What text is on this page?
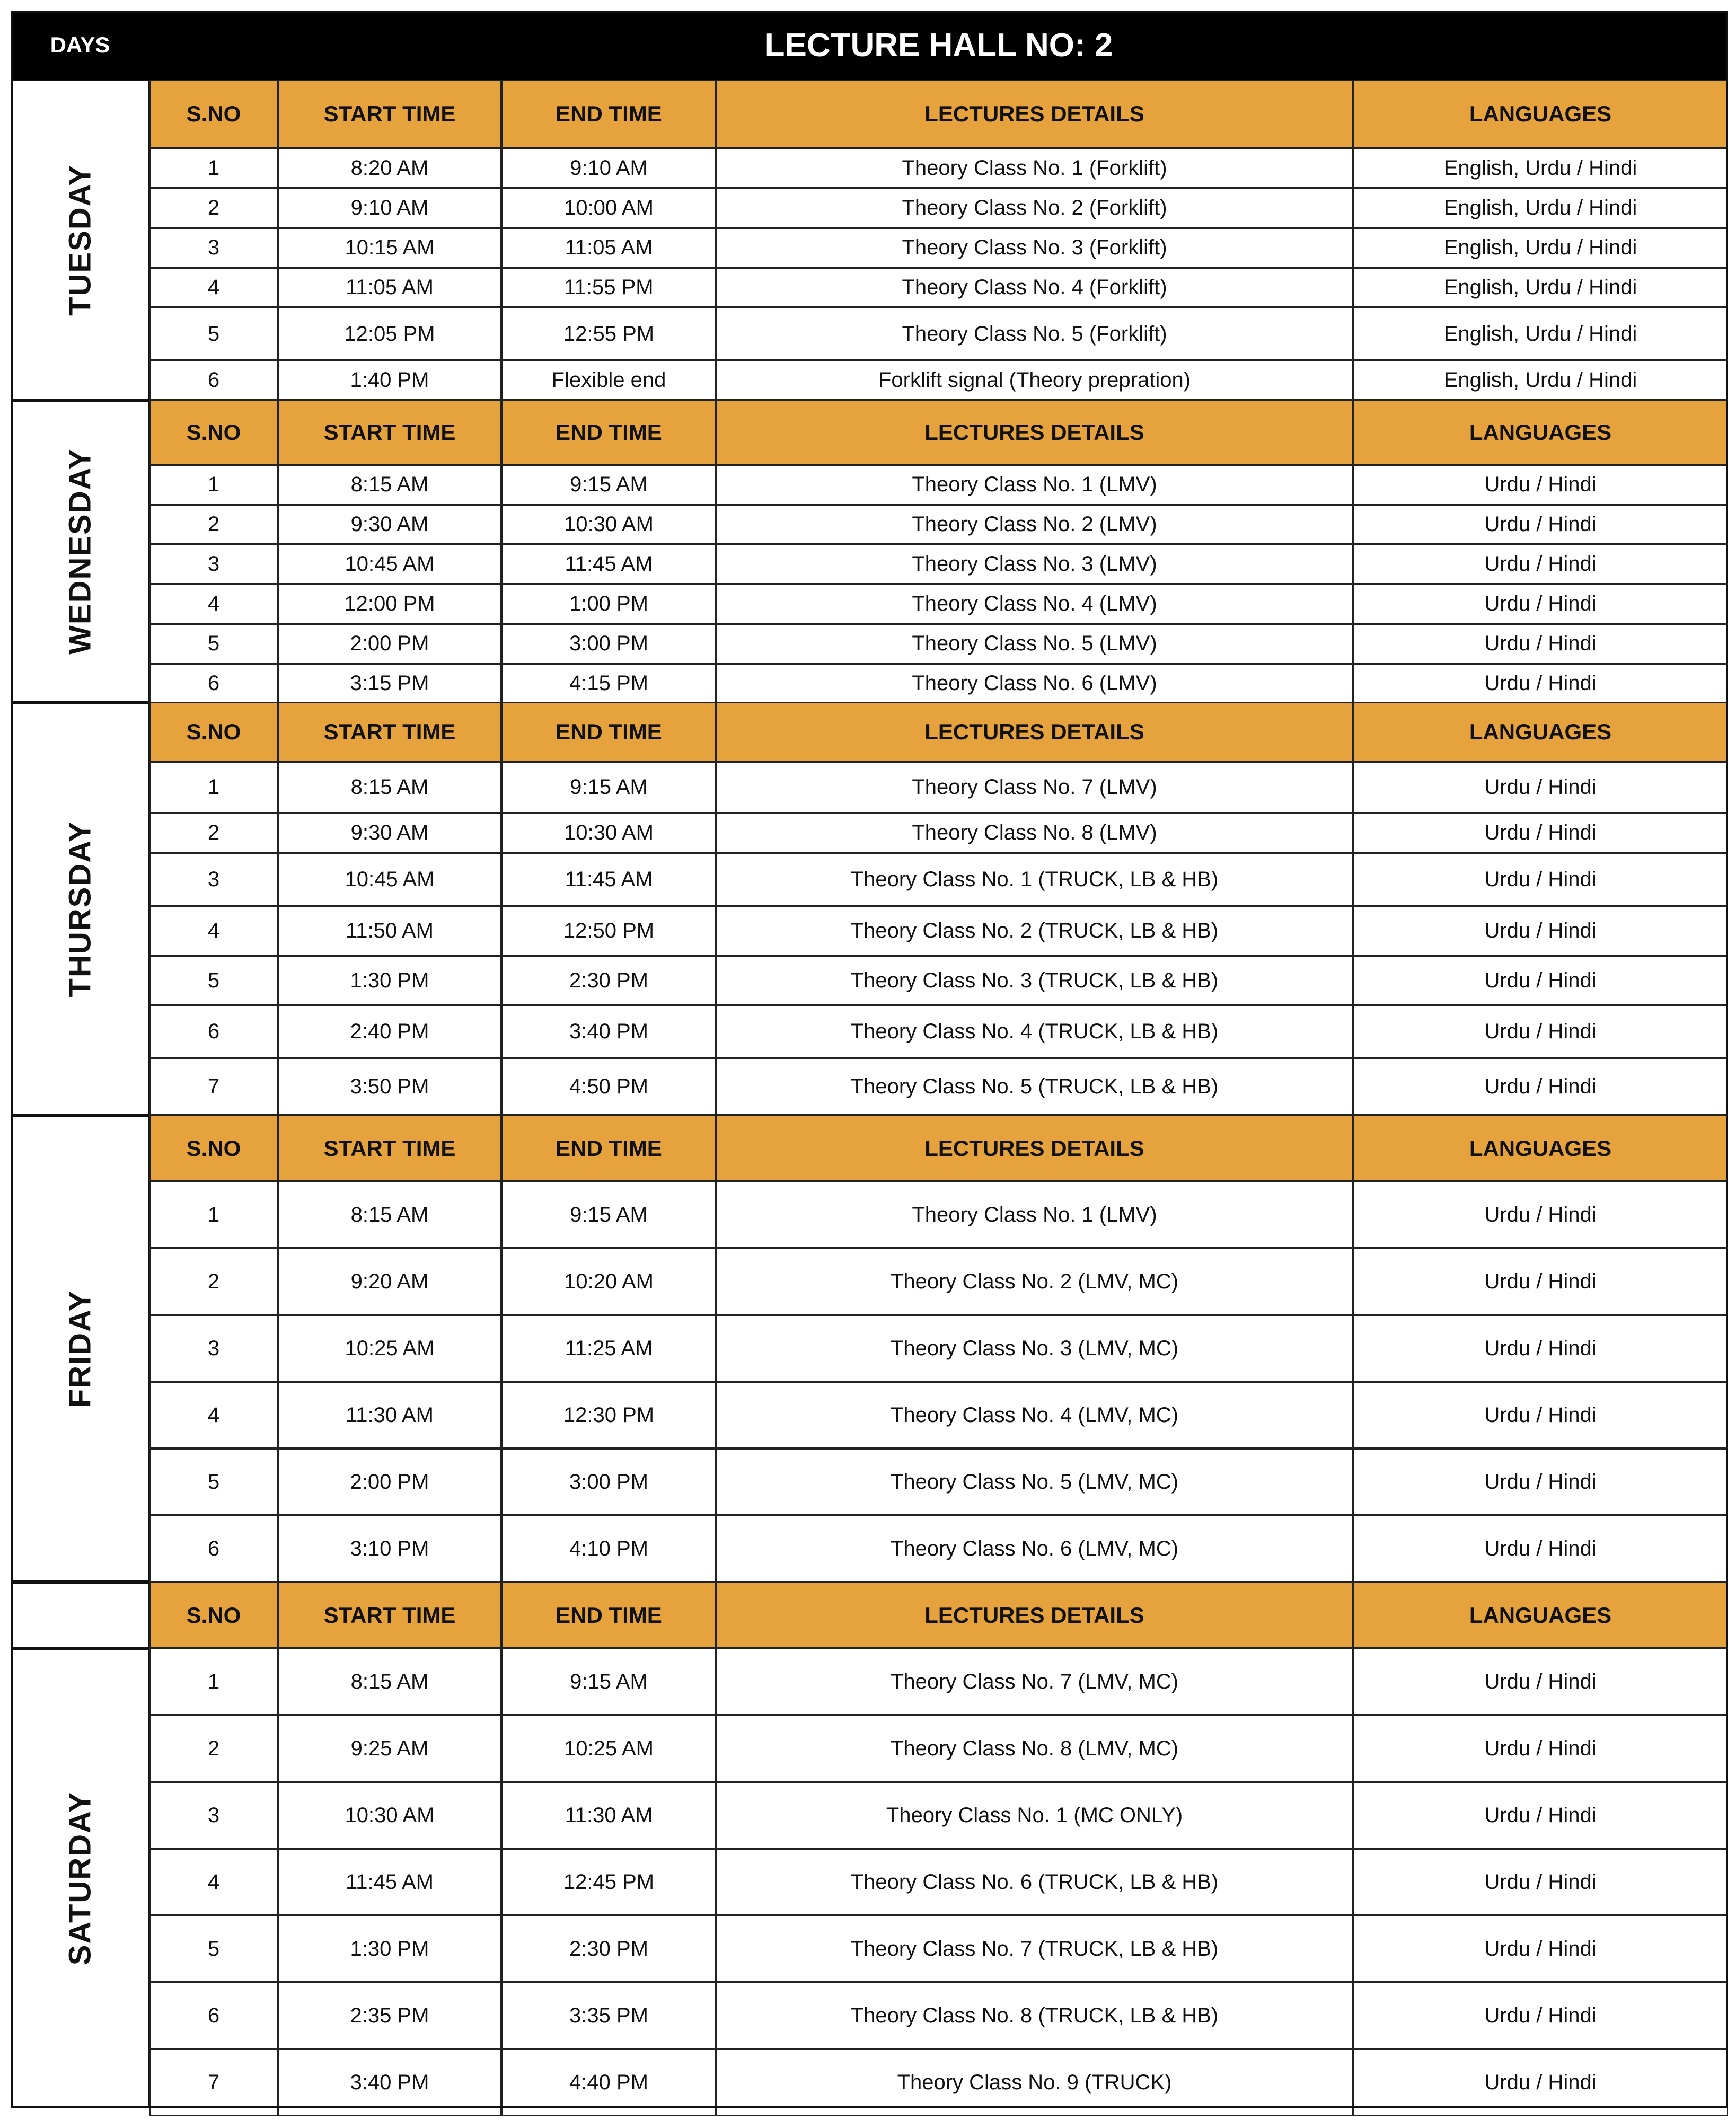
DAYS	LECTURE HALL NO: 2
TUESDAY
S.NO	START TIME	END TIME	LECTURES DETAILS	LANGUAGES
1	8:20 AM	9:10 AM	Theory Class No. 1 (Forklift)	English, Urdu / Hindi
2	9:10 AM	10:00 AM	Theory Class No. 2 (Forklift)	English, Urdu / Hindi
3	10:15 AM	11:05 AM	Theory Class No. 3 (Forklift)	English, Urdu / Hindi
4	11:05 AM	11:55 PM	Theory Class No. 4 (Forklift)	English, Urdu / Hindi
5	12:05 PM	12:55 PM	Theory Class No. 5 (Forklift)	English, Urdu / Hindi
6	1:40 PM	Flexible end	Forklift signal (Theory prepration)	English, Urdu / Hindi
WEDNESDAY
S.NO	START TIME	END TIME	LECTURES DETAILS	LANGUAGES
1	8:15 AM	9:15 AM	Theory Class No. 1 (LMV)	Urdu / Hindi
2	9:30 AM	10:30 AM	Theory Class No. 2 (LMV)	Urdu / Hindi
3	10:45 AM	11:45 AM	Theory Class No. 3 (LMV)	Urdu / Hindi
4	12:00 PM	1:00 PM	Theory Class No. 4 (LMV)	Urdu / Hindi
5	2:00 PM	3:00 PM	Theory Class No. 5 (LMV)	Urdu / Hindi
6	3:15 PM	4:15 PM	Theory Class No. 6 (LMV)	Urdu / Hindi
THURSDAY
S.NO	START TIME	END TIME	LECTURES DETAILS	LANGUAGES
1	8:15 AM	9:15 AM	Theory Class No. 7 (LMV)	Urdu / Hindi
2	9:30 AM	10:30 AM	Theory Class No. 8 (LMV)	Urdu / Hindi
3	10:45 AM	11:45 AM	Theory Class No. 1 (TRUCK, LB & HB)	Urdu / Hindi
4	11:50 AM	12:50 PM	Theory Class No. 2 (TRUCK, LB & HB)	Urdu / Hindi
5	1:30 PM	2:30 PM	Theory Class No. 3 (TRUCK, LB & HB)	Urdu / Hindi
6	2:40 PM	3:40 PM	Theory Class No. 4 (TRUCK, LB & HB)	Urdu / Hindi
7	3:50 PM	4:50 PM	Theory Class No. 5 (TRUCK, LB & HB)	Urdu / Hindi
FRIDAY
S.NO	START TIME	END TIME	LECTURES DETAILS	LANGUAGES
1	8:15 AM	9:15 AM	Theory Class No. 1 (LMV)	Urdu / Hindi
2	9:20 AM	10:20 AM	Theory Class No. 2 (LMV, MC)	Urdu / Hindi
3	10:25 AM	11:25 AM	Theory Class No. 3 (LMV, MC)	Urdu / Hindi
4	11:30 AM	12:30 PM	Theory Class No. 4 (LMV, MC)	Urdu / Hindi
5	2:00 PM	3:00 PM	Theory Class No. 5 (LMV, MC)	Urdu / Hindi
6	3:10 PM	4:10 PM	Theory Class No. 6 (LMV, MC)	Urdu / Hindi
SATURDAY
S.NO	START TIME	END TIME	LECTURES DETAILS	LANGUAGES
1	8:15 AM	9:15 AM	Theory Class No. 7 (LMV, MC)	Urdu / Hindi
2	9:25 AM	10:25 AM	Theory Class No. 8 (LMV, MC)	Urdu / Hindi
3	10:30 AM	11:30 AM	Theory Class No. 1 (MC ONLY)	Urdu / Hindi
4	11:45 AM	12:45 PM	Theory Class No. 6 (TRUCK, LB & HB)	Urdu / Hindi
5	1:30 PM	2:30 PM	Theory Class No. 7 (TRUCK, LB & HB)	Urdu / Hindi
6	2:35 PM	3:35 PM	Theory Class No. 8 (TRUCK, LB & HB)	Urdu / Hindi
7	3:40 PM	4:40 PM	Theory Class No. 9 (TRUCK)	Urdu / Hindi
